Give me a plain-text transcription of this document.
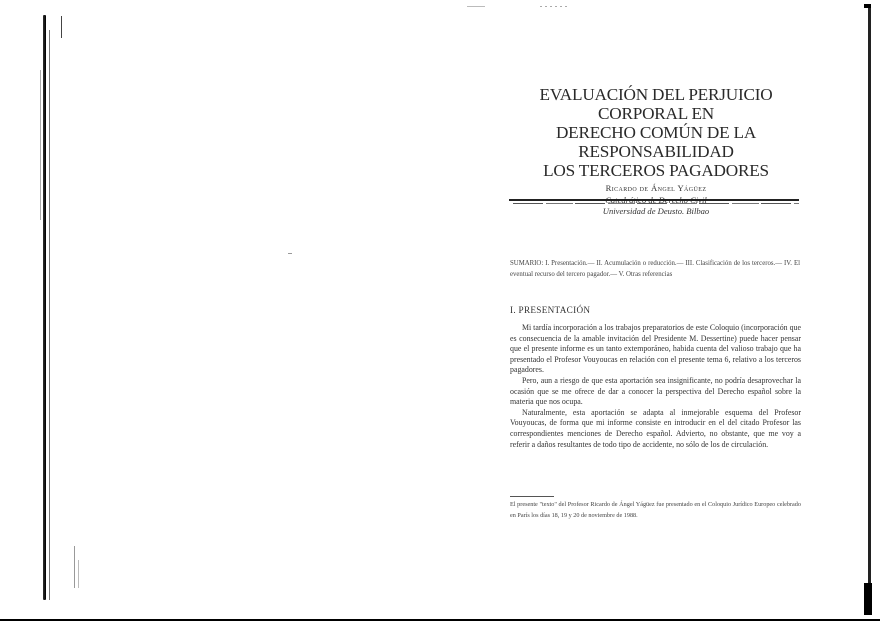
EVALUACIÓN DEL PERJUICIO CORPORAL EN
DERECHO COMÚN DE LA RESPONSABILIDAD
LOS TERCEROS PAGADORES
Ricardo de Ángel Yágüez
Universidad de Deusto. Bilbao
SUMARIO: I. Presentación.— II. Acumulación o reducción.— III. Clasificación de los terceros.— IV. El eventual recurso del tercero pagador.— V. Otras referencias
I. PRESENTACIÓN

Mi tardía incorporación a los trabajos preparatorios de este Coloquio (incorporación que es consecuencia de la amable invitación del Presidente M. Dessertine) puede hacer pensar que el presente informe es un tanto extemporáneo, habida cuenta del valioso trabajo que ha presentado el Profesor Vouyoucas en relación con el presente tema 6, relativo a los terceros pagadores.

Pero, aun a riesgo de que esta aportación sea insignificante, no podría desaprovechar la ocasión que se me ofrece de dar a conocer la perspectiva del Derecho español sobre la materia que nos ocupa.

Naturalmente, esta aportación se adapta al inmejorable esquema del Profesor Vouyoucas, de forma que mi informe consiste en introducir en el del citado Profesor las correspondientes menciones de Derecho español. Advierto, no obstante, que me voy a referir a daños resultantes de todo tipo de accidente, no sólo de los de circulación.

El presente "texto" del Profesor Ricardo de Ángel Yágüez fue presentado en el Coloquio Jurídico Europeo celebrado en París los días 18, 19 y 20 de noviembre de 1988.
